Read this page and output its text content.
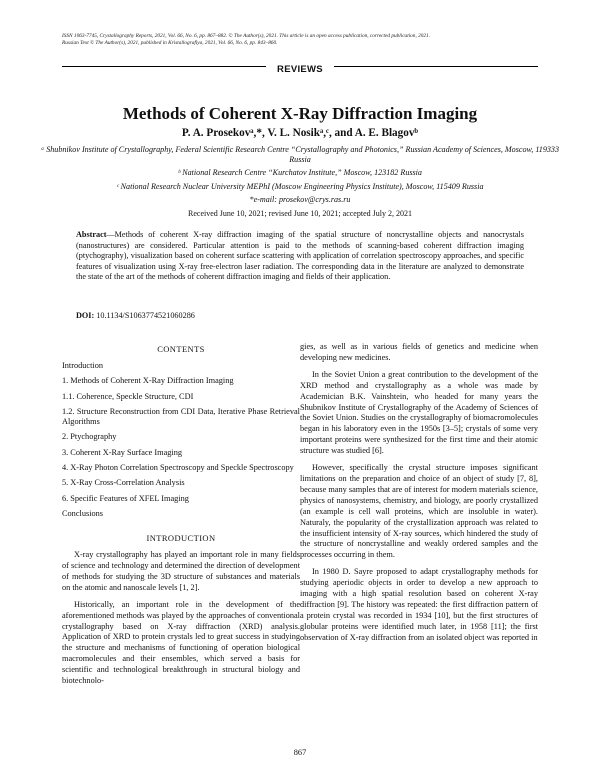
ISSN 1063-7745, Crystallography Reports, 2021, Vol. 66, No. 6, pp. 867–882. © The Author(s), 2021. This article is an open access publication, corrected publication, 2021.
Russian Text © The Author(s), 2021, published in Kristallografiya, 2021, Vol. 66, No. 6, pp. 843–860.
REVIEWS
Methods of Coherent X-Ray Diffraction Imaging
P. A. Prosekovᵃ,*, V. L. Nosikᵃ,ᶜ, and A. E. Blagovᵇ
ᵃ Shubnikov Institute of Crystallography, Federal Scientific Research Centre “Crystallography and Photonics,” Russian Academy of Sciences, Moscow, 119333 Russia
ᵇ National Research Centre “Kurchatov Institute,” Moscow, 123182 Russia
ᶜ National Research Nuclear University MEPhI (Moscow Engineering Physics Institute), Moscow, 115409 Russia
*e-mail: prosekov@crys.ras.ru
Received June 10, 2021; revised June 10, 2021; accepted July 2, 2021
Abstract—Methods of coherent X-ray diffraction imaging of the spatial structure of noncrystalline objects and nanocrystals (nanostructures) are considered. Particular attention is paid to the methods of scanning-based coherent diffraction imaging (ptychography), visualization based on coherent surface scattering with application of correlation spectroscopy approaches, and specific features of visualization using X-ray free-electron laser radiation. The corresponding data in the literature are analyzed to demonstrate the state of the art of the methods of coherent diffraction imaging and fields of their application.
DOI: 10.1134/S1063774521060286
CONTENTS

Introduction

1. Methods of Coherent X-Ray Diffraction Imaging

1.1. Coherence, Speckle Structure, CDI

1.2. Structure Reconstruction from CDI Data, Iterative Phase Retrieval Algorithms

2. Ptychography

3. Coherent X-Ray Surface Imaging

4. X-Ray Photon Correlation Spectroscopy and Speckle Spectroscopy

5. X-Ray Cross-Correlation Analysis

6. Specific Features of XFEL Imaging

Conclusions

INTRODUCTION

X-ray crystallography has played an important role in many fields of science and technology and determined the direction of development of methods for studying the 3D structure of substances and materials on the atomic and nanoscale levels [1, 2].

Historically, an important role in the development of the aforementioned methods was played by the approaches of conventional crystallography based on X-ray diffraction (XRD) analysis. Application of XRD to protein crystals led to great success in studying the structure and mechanisms of functioning of operation biological macromolecules and their ensembles, which served a basis for scientific and technological breakthrough in structural biology and biotechnolo-

gies, as well as in various fields of genetics and medicine when developing new medicines.

In the Soviet Union a great contribution to the development of the XRD method and crystallography as a whole was made by Academician B.K. Vainshtein, who headed for many years the Shubnikov Institute of Crystallography of the Academy of Sciences of the Soviet Union. Studies on the crystallography of biomacromolecules began in his laboratory even in the 1950s [3–5]; crystals of some very important proteins were synthesized for the first time and their atomic structure was studied [6].

However, specifically the crystal structure imposes significant limitations on the preparation and choice of an object of study [7, 8], because many samples that are of interest for modern materials science, physics of nanosystems, chemistry, and biology, are poorly crystallized (an example is cell wall proteins, which are insoluble in water). Naturaly, the popularity of the crystallization approach was related to the insufficient intensity of X-ray sources, which hindered the study of the structure of noncrystalline and weakly ordered samples and the processes occurring in them.

In 1980 D. Sayre proposed to adapt crystallography methods for studying aperiodic objects in order to develop a new approach to imaging with a high spatial resolution based on coherent X-ray diffraction [9]. The history was repeated: the first diffraction pattern of a protein crystal was recorded in 1934 [10], but the first structures of globular proteins were identified much later, in 1958 [11]; the first observation of X-ray diffraction from an isolated object was reported in

867
